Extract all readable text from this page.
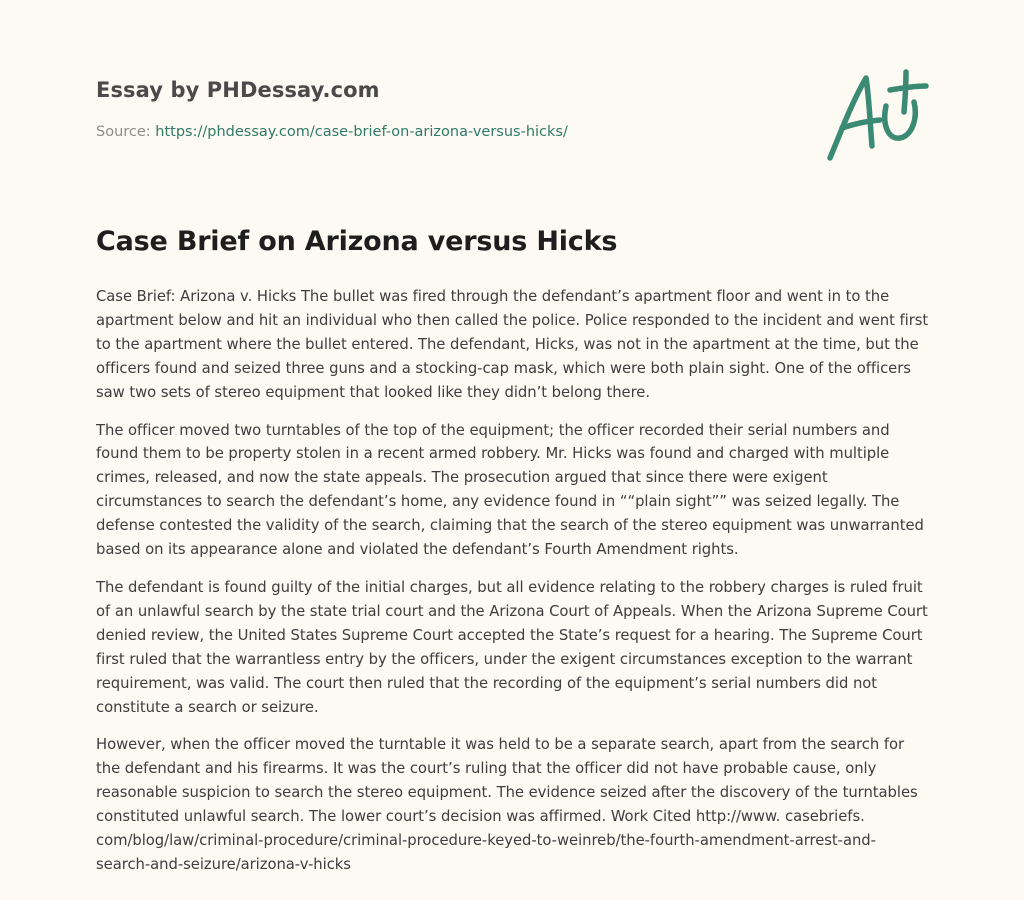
Essay by PHDessay.com
Source: https://phdessay.com/case-brief-on-arizona-versus-hicks/
Case Brief on Arizona versus Hicks

Case Brief: Arizona v. Hicks The bullet was fired through the defendant’s apartment floor and went in to the apartment below and hit an individual who then called the police. Police responded to the incident and went first to the apartment where the bullet entered. The defendant, Hicks, was not in the apartment at the time, but the officers found and seized three guns and a stocking-cap mask, which were both plain sight. One of the officers saw two sets of stereo equipment that looked like they didn’t belong there.

The officer moved two turntables of the top of the equipment; the officer recorded their serial numbers and found them to be property stolen in a recent armed robbery. Mr. Hicks was found and charged with multiple crimes, released, and now the state appeals. The prosecution argued that since there were exigent circumstances to search the defendant’s home, any evidence found in ““plain sight”” was seized legally. The defense contested the validity of the search, claiming that the search of the stereo equipment was unwarranted based on its appearance alone and violated the defendant’s Fourth Amendment rights.

The defendant is found guilty of the initial charges, but all evidence relating to the robbery charges is ruled fruit of an unlawful search by the state trial court and the Arizona Court of Appeals. When the Arizona Supreme Court denied review, the United States Supreme Court accepted the State’s request for a hearing. The Supreme Court first ruled that the warrantless entry by the officers, under the exigent circumstances exception to the warrant requirement, was valid. The court then ruled that the recording of the equipment’s serial numbers did not constitute a search or seizure.

However, when the officer moved the turntable it was held to be a separate search, apart from the search for the defendant and his firearms. It was the court’s ruling that the officer did not have probable cause, only reasonable suspicion to search the stereo equipment. The evidence seized after the discovery of the turntables constituted unlawful search. The lower court’s decision was affirmed. Work Cited http://www. casebriefs. com/blog/law/criminal-procedure/criminal-procedure-keyed-to-weinreb/the-fourth-amendment-arrest-and-search-and-seizure/arizona-v-hicks
